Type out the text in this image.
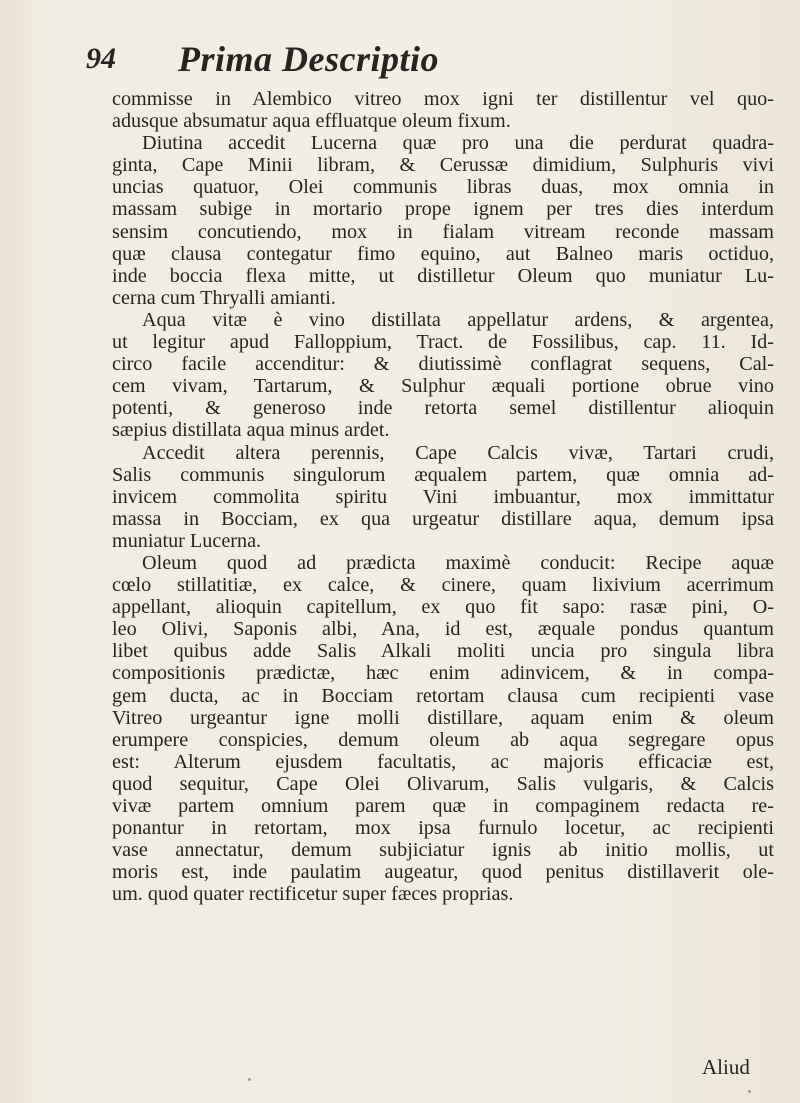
94 Prima Descriptio

commisse in Alembico vitreo mox igni ter distillentur vel quo-
adusque absumatur aqua effluatque oleum fixum.

Diutina accedit Lucerna quæ pro una die perdurat quadra-
ginta, Cape Minii libram, & Cerussæ dimidium, Sulphuris vivi
uncias quatuor, Olei communis libras duas, mox omnia in
massam subige in mortario prope ignem per tres dies interdum
sensim concutiendo, mox in fialam vitream reconde massam
quæ clausa contegatur fimo equino, aut Balneo maris octiduo,
inde boccia flexa mitte, ut distilletur Oleum quo muniatur Lu-
cerna cum Thryalli amianti.

Aqua vitæ è vino distillata appellatur ardens, & argentea,
ut legitur apud Falloppium, Tract. de Fossilibus, cap. 11. Id-
circo facile accenditur: & diutissimè conflagrat sequens, Cal-
cem vivam, Tartarum, & Sulphur æquali portione obrue vino
potenti, & generoso inde retorta semel distillentur alioquin
sæpius distillata aqua minus ardet.

Accedit altera perennis, Cape Calcis vivæ, Tartari crudi,
Salis communis singulorum æqualem partem, quæ omnia ad-
invicem commolita spiritu Vini imbuantur, mox immittatur
massa in Bocciam, ex qua urgeatur distillare aqua, demum ipsa
muniatur Lucerna.

Oleum quod ad prædicta maximè conducit: Recipe aquæ
cœlo stillatitiæ, ex calce, & cinere, quam lixivium acerrimum
appellant, alioquin capitellum, ex quo fit sapo: rasæ pini, O-
leo Olivi, Saponis albi, Ana, id est, æquale pondus quantum
libet quibus adde Salis Alkali moliti uncia pro singula libra
compositionis prædictæ, hæc enim adinvicem, & in compa-
gem ducta, ac in Bocciam retortam clausa cum recipienti vase
Vitreo urgeantur igne molli distillare, aquam enim & oleum
erumpere conspicies, demum oleum ab aqua segregare opus
est: Alterum ejusdem facultatis, ac majoris efficaciæ est,
quod sequitur, Cape Olei Olivarum, Salis vulgaris, & Calcis
vivæ partem omnium parem quæ in compaginem redacta re-
ponantur in retortam, mox ipsa furnulo locetur, ac recipienti
vase annectatur, demum subjiciatur ignis ab initio mollis, ut
moris est, inde paulatim augeatur, quod penitus distillaverit ole-
um. quod quater rectificetur super fæces proprias.

Aliud
